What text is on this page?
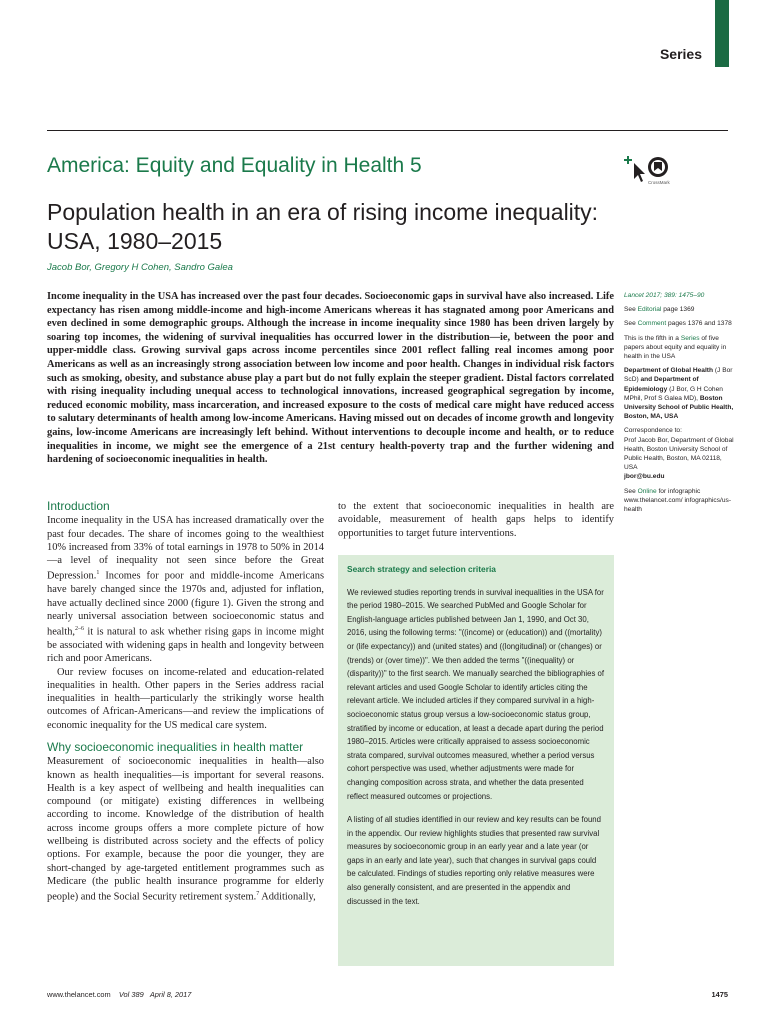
Series
America: Equity and Equality in Health 5
CrossMark
Population health in an era of rising income inequality:
USA, 1980–2015
Jacob Bor, Gregory H Cohen, Sandro Galea
Income inequality in the USA has increased over the past four decades. Socioeconomic gaps in survival have also increased. Life expectancy has risen among middle-income and high-income Americans whereas it has stagnated among poor Americans and even declined in some demographic groups. Although the increase in income inequality since 1980 has been driven largely by soaring top incomes, the widening of survival inequalities has occurred lower in the distribution—ie, between the poor and upper-middle class. Growing survival gaps across income percentiles since 2001 reflect falling real incomes among poor Americans as well as an increasingly strong association between low income and poor health. Changes in individual risk factors such as smoking, obesity, and substance abuse play a part but do not fully explain the steeper gradient. Distal factors correlated with rising inequality including unequal access to technological innovations, increased geographical segregation by income, reduced economic mobility, mass incarceration, and increased exposure to the costs of medical care might have reduced access to salutary determinants of health among low-income Americans. Having missed out on decades of income growth and longevity gains, low-income Americans are increasingly left behind. Without interventions to decouple income and health, or to reduce inequalities in income, we might see the emergence of a 21st century health-poverty trap and the further widening and hardening of socioeconomic inequalities in health.

Lancet 2017; 389: 1475–90

See Editorial page 1369

See Comment pages 1376 and 1378

This is the fifth in a Series of five papers about equity and equality in health in the USA

Department of Global Health (J Bor ScD) and Department of Epidemiology (J Bor, G H Cohen MPhil, Prof S Galea MD), Boston University School of Public Health, Boston, MA, USA

Correspondence to:
Prof Jacob Bor, Department of Global Health, Boston University School of Public Health, Boston, MA 02118, USA
jbor@bu.edu

See Online for infographic www.thelancet.com/ infographics/us-health

Introduction

Income inequality in the USA has increased dramatically over the past four decades. The share of incomes going to the wealthiest 10% increased from 33% of total earnings in 1978 to 50% in 2014—a level of inequality not seen since before the Great Depression.$^1$ Incomes for poor and middle-income Americans have barely changed since the 1970s and, adjusted for inflation, have actually declined since 2000 (figure 1). Given the strong and nearly universal association between socioeconomic status and health,$^{2-6}$ it is natural to ask whether rising gaps in income might be associated with widening gaps in health and longevity between rich and poor Americans.

Our review focuses on income-related and education-related inequalities in health. Other papers in the Series address racial inequalities in health—particularly the strikingly worse health outcomes of African-Americans—and review the implications of economic inequality for the US medical care system.

Why socioeconomic inequalities in health matter

Measurement of socioeconomic inequalities in health—also known as health inequalities—is important for several reasons. Health is a key aspect of wellbeing and health inequalities can compound (or mitigate) existing differences in wellbeing according to income. Knowledge of the distribution of health across income groups offers a more complete picture of how wellbeing is distributed across society and the effects of policy options. For example, because the poor die younger, they are short-changed by age-targeted entitlement programmes such as Medicare (the public health insurance programme for elderly people) and the Social Security retirement system.$^7$ Additionally,

to the extent that socioeconomic inequalities in health are avoidable, measurement of health gaps helps to identify opportunities to target future interventions.

Search strategy and selection criteria

We reviewed studies reporting trends in survival inequalities in the USA for the period 1980–2015. We searched PubMed and Google Scholar for English-language articles published between Jan 1, 1990, and Oct 30, 2016, using the following terms: "((income) or (education)) and ((mortality) or (life expectancy)) and (united states) and ((longitudinal) or (changes) or (trends) or (over time))". We then added the terms "((inequality) or (disparity))" to the first search. We manually searched the bibliographies of relevant articles and used Google Scholar to identify articles citing the relevant article. We included articles if they compared survival in a high-socioeconomic status group versus a low-socioeconomic status group, stratified by income or education, at least a decade apart during the period 1980–2015. Articles were critically appraised to assess socioeconomic strata compared, survival outcomes measured, whether a period versus cohort perspective was used, whether adjustments were made for changing composition across strata, and whether the data presented reflect measured outcomes or projections.

A listing of all studies identified in our review and key results can be found in the appendix. Our review highlights studies that presented raw survival measures by socioeconomic group in an early year and a late year (or gaps in an early and late year), such that changes in survival gaps could be calculated. Findings of studies reporting only relative measures were also generally consistent, and are presented in the appendix and discussed in the text.

www.thelancet.com Vol 389 April 8, 2017	1475
